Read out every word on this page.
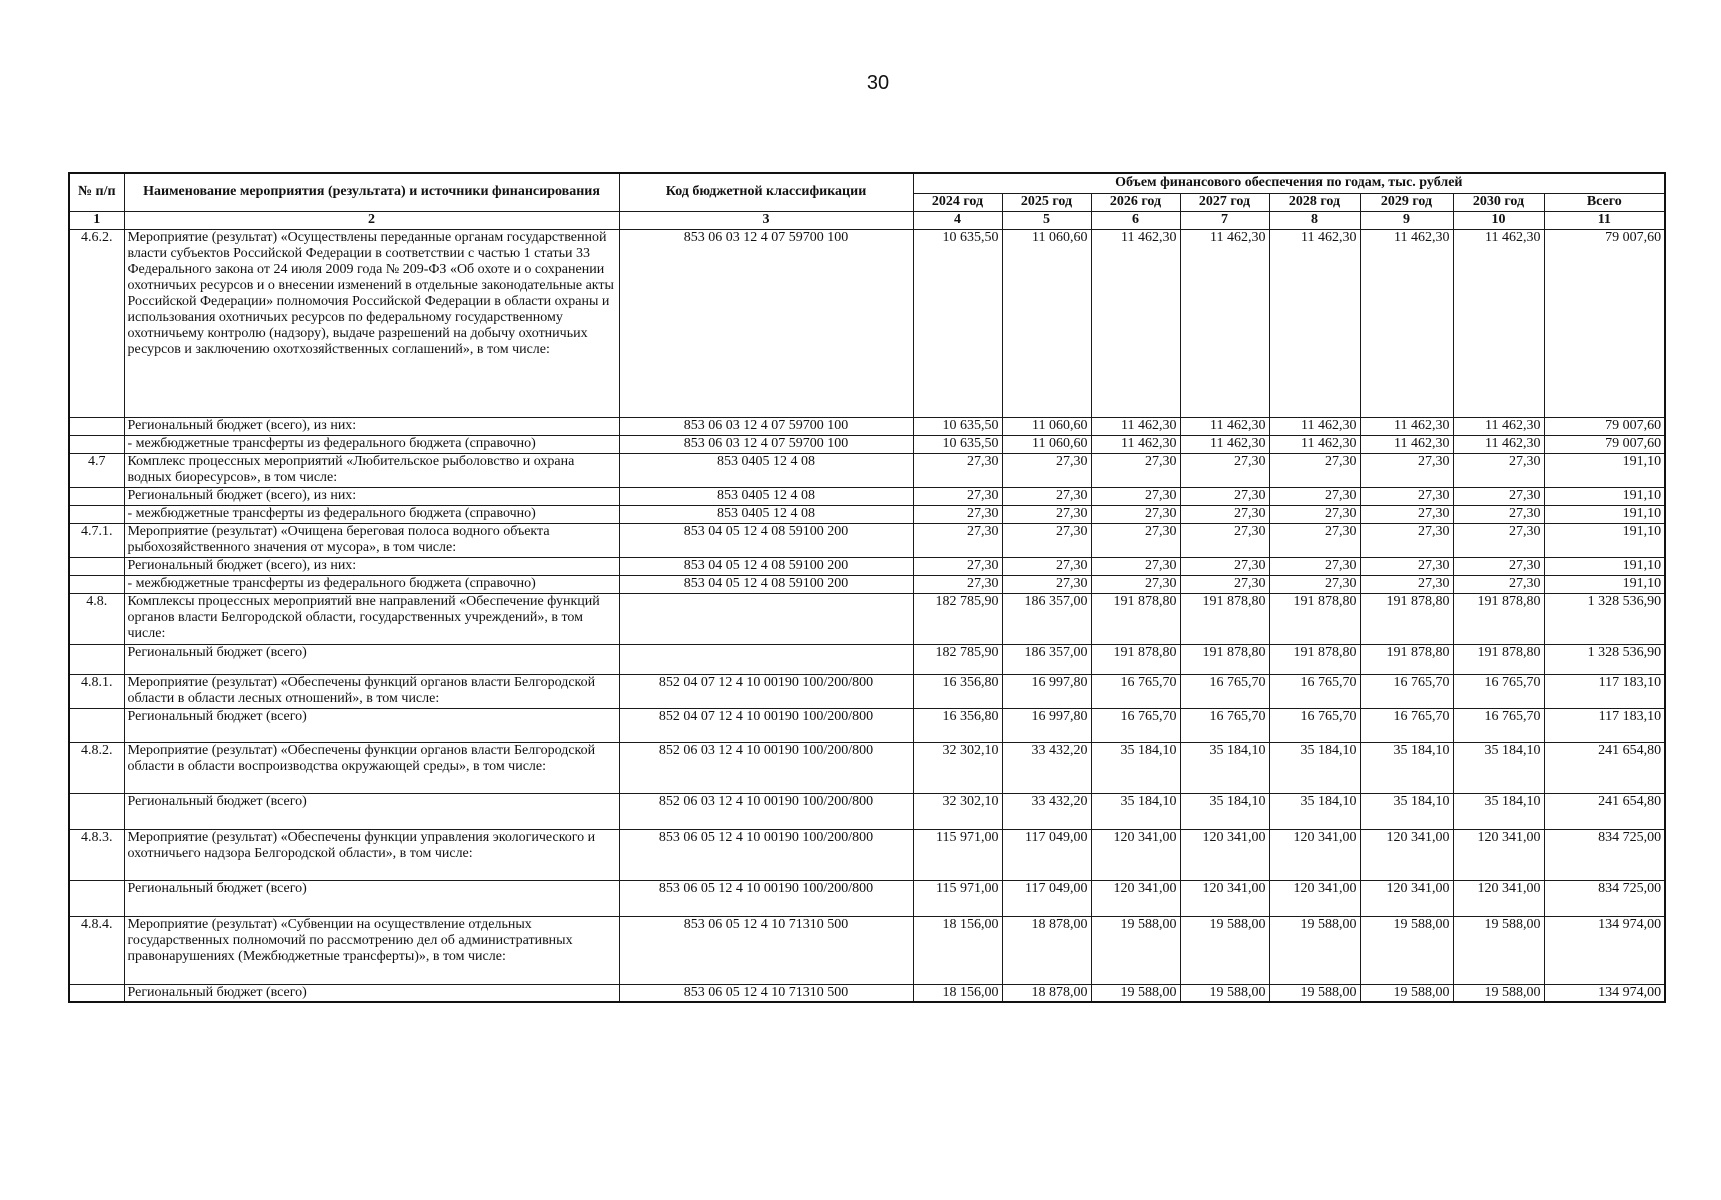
30
№ п/п	Наименование мероприятия (результата) и источники финансирования	Код бюджетной классификации	Объем финансового обеспечения по годам, тыс. рублей							
			2024 год	2025 год	2026 год	2027 год	2028 год	2029 год	2030 год	Всего
1	2	3	4	5	6	7	8	9	10	11
4.6.2.	Мероприятие (результат) «Осуществлены переданные органам государственной власти субъектов Российской Федерации в соответствии с частью 1 статьи 33 Федерального закона от 24 июля 2009 года № 209-ФЗ «Об охоте и о сохранении охотничьих ресурсов и о внесении изменений в отдельные законодательные акты Российской Федерации» полномочия Российской Федерации в области охраны и использования охотничьих ресурсов по федеральному государственному охотничьему контролю (надзору), выдаче разрешений на добычу охотничьих ресурсов и заключению охотхозяйственных соглашений», в том числе:	853 06 03 12 4 07 59700 100	10 635,50	11 060,60	11 462,30	11 462,30	11 462,30	11 462,30	11 462,30	79 007,60
	Региональный бюджет (всего), из них:	853 06 03 12 4 07 59700 100	10 635,50	11 060,60	11 462,30	11 462,30	11 462,30	11 462,30	11 462,30	79 007,60
	- межбюджетные трансферты из федерального бюджета (справочно)	853 06 03 12 4 07 59700 100	10 635,50	11 060,60	11 462,30	11 462,30	11 462,30	11 462,30	11 462,30	79 007,60
4.7	Комплекс процессных мероприятий «Любительское рыболовство и охрана водных биоресурсов», в том числе:	853 0405 12 4 08	27,30	27,30	27,30	27,30	27,30	27,30	27,30	191,10
	Региональный бюджет (всего), из них:	853 0405 12 4 08	27,30	27,30	27,30	27,30	27,30	27,30	27,30	191,10
	- межбюджетные трансферты из федерального бюджета (справочно)	853 0405 12 4 08	27,30	27,30	27,30	27,30	27,30	27,30	27,30	191,10
4.7.1.	Мероприятие (результат) «Очищена береговая полоса водного объекта рыбохозяйственного значения от мусора», в том числе:	853 04 05 12 4 08 59100 200	27,30	27,30	27,30	27,30	27,30	27,30	27,30	191,10
	Региональный бюджет (всего), из них:	853 04 05 12 4 08 59100 200	27,30	27,30	27,30	27,30	27,30	27,30	27,30	191,10
	- межбюджетные трансферты из федерального бюджета (справочно)	853 04 05 12 4 08 59100 200	27,30	27,30	27,30	27,30	27,30	27,30	27,30	191,10
4.8.	Комплексы процессных мероприятий вне направлений «Обеспечение функций органов власти Белгородской области, государственных учреждений», в том числе:		182 785,90	186 357,00	191 878,80	191 878,80	191 878,80	191 878,80	191 878,80	1 328 536,90
	Региональный бюджет (всего)		182 785,90	186 357,00	191 878,80	191 878,80	191 878,80	191 878,80	191 878,80	1 328 536,90
4.8.1.	Мероприятие (результат) «Обеспечены функций органов власти Белгородской области в области лесных отношений», в том числе:	852 04 07 12 4 10 00190 100/200/800	16 356,80	16 997,80	16 765,70	16 765,70	16 765,70	16 765,70	16 765,70	117 183,10
	Региональный бюджет (всего)	852 04 07 12 4 10 00190 100/200/800	16 356,80	16 997,80	16 765,70	16 765,70	16 765,70	16 765,70	16 765,70	117 183,10
4.8.2.	Мероприятие (результат) «Обеспечены функции органов власти Белгородской области в области воспроизводства окружающей среды», в том числе:	852 06 03 12 4 10 00190 100/200/800	32 302,10	33 432,20	35 184,10	35 184,10	35 184,10	35 184,10	35 184,10	241 654,80
	Региональный бюджет (всего)	852 06 03 12 4 10 00190 100/200/800	32 302,10	33 432,20	35 184,10	35 184,10	35 184,10	35 184,10	35 184,10	241 654,80
4.8.3.	Мероприятие (результат) «Обеспечены функции управления экологического и охотничьего надзора Белгородской области», в том числе:	853 06 05 12 4 10 00190 100/200/800	115 971,00	117 049,00	120 341,00	120 341,00	120 341,00	120 341,00	120 341,00	834 725,00
	Региональный бюджет (всего)	853 06 05 12 4 10 00190 100/200/800	115 971,00	117 049,00	120 341,00	120 341,00	120 341,00	120 341,00	120 341,00	834 725,00
4.8.4.	Мероприятие (результат) «Субвенции на осуществление отдельных государственных полномочий по рассмотрению дел об административных правонарушениях (Межбюджетные трансферты)», в том числе:	853 06 05 12 4 10 71310 500	18 156,00	18 878,00	19 588,00	19 588,00	19 588,00	19 588,00	19 588,00	134 974,00
	Региональный бюджет (всего)	853 06 05 12 4 10 71310 500	18 156,00	18 878,00	19 588,00	19 588,00	19 588,00	19 588,00	19 588,00	134 974,00
